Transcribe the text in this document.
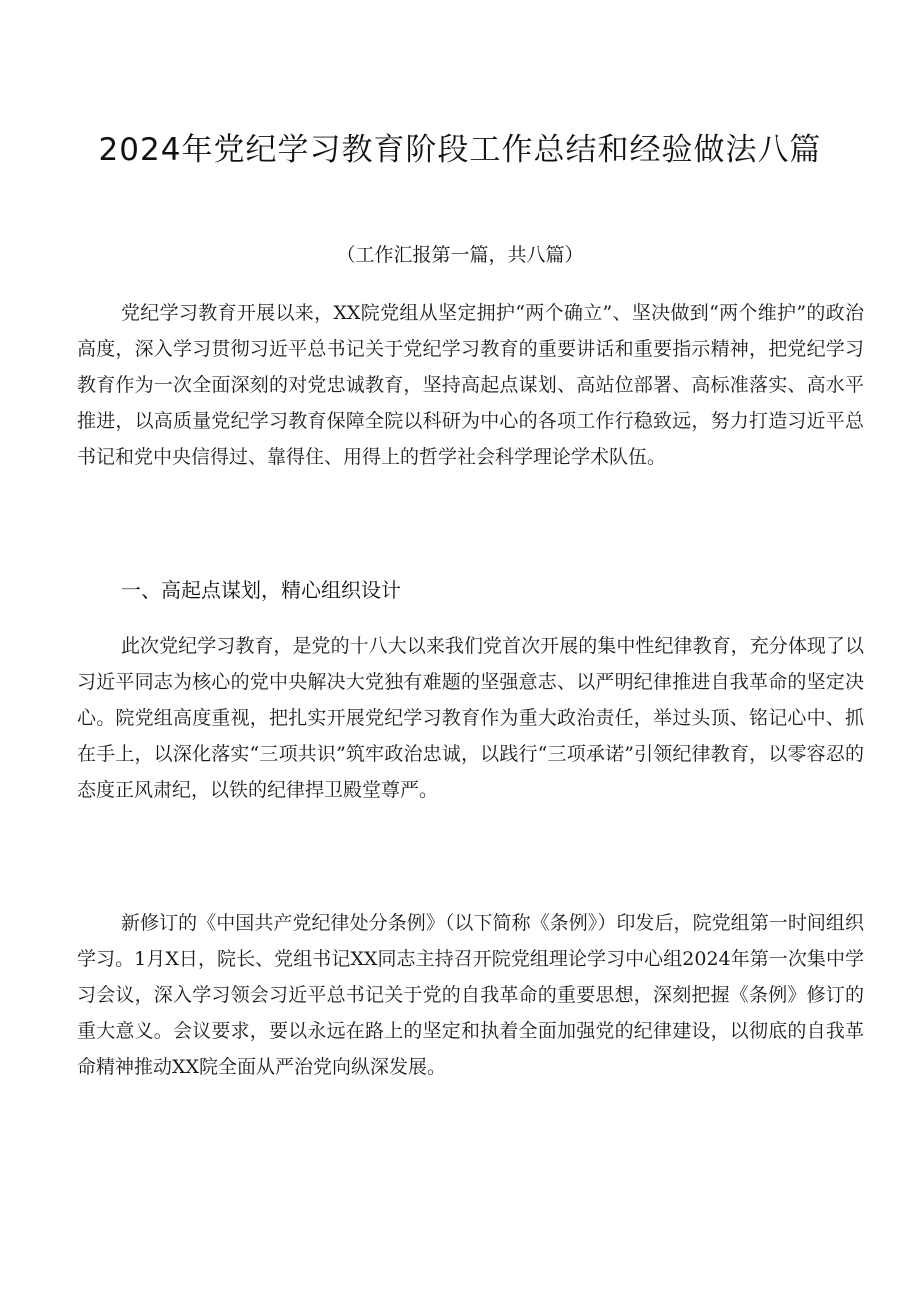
2024年党纪学习教育阶段工作总结和经验做法八篇

（工作汇报第一篇，共八篇）

党纪学习教育开展以来，XX院党组从坚定拥护“两个确立”、坚决做到“两个维护”的政治高度，深入学习贯彻习近平总书记关于党纪学习教育的重要讲话和重要指示精神，把党纪学习教育作为一次全面深刻的对党忠诚教育，坚持高起点谋划、高站位部署、高标准落实、高水平推进，以高质量党纪学习教育保障全院以科研为中心的各项工作行稳致远，努力打造习近平总书记和党中央信得过、靠得住、用得上的哲学社会科学理论学术队伍。

一、高起点谋划，精心组织设计

此次党纪学习教育，是党的十八大以来我们党首次开展的集中性纪律教育，充分体现了以习近平同志为核心的党中央解决大党独有难题的坚强意志、以严明纪律推进自我革命的坚定决心。院党组高度重视，把扎实开展党纪学习教育作为重大政治责任，举过头顶、铭记心中、抓在手上，以深化落实“三项共识”筑牢政治忠诚，以践行“三项承诺”引领纪律教育，以零容忍的态度正风肃纪，以铁的纪律捍卫殿堂尊严。

新修订的《中国共产党纪律处分条例》（以下简称《条例》）印发后，院党组第一时间组织学习。1月X日，院长、党组书记XX同志主持召开院党组理论学习中心组2024年第一次集中学习会议，深入学习领会习近平总书记关于党的自我革命的重要思想，深刻把握《条例》修订的重大意义。会议要求，要以永远在路上的坚定和执着全面加强党的纪律建设，以彻底的自我革命精神推动XX院全面从严治党向纵深发展。
